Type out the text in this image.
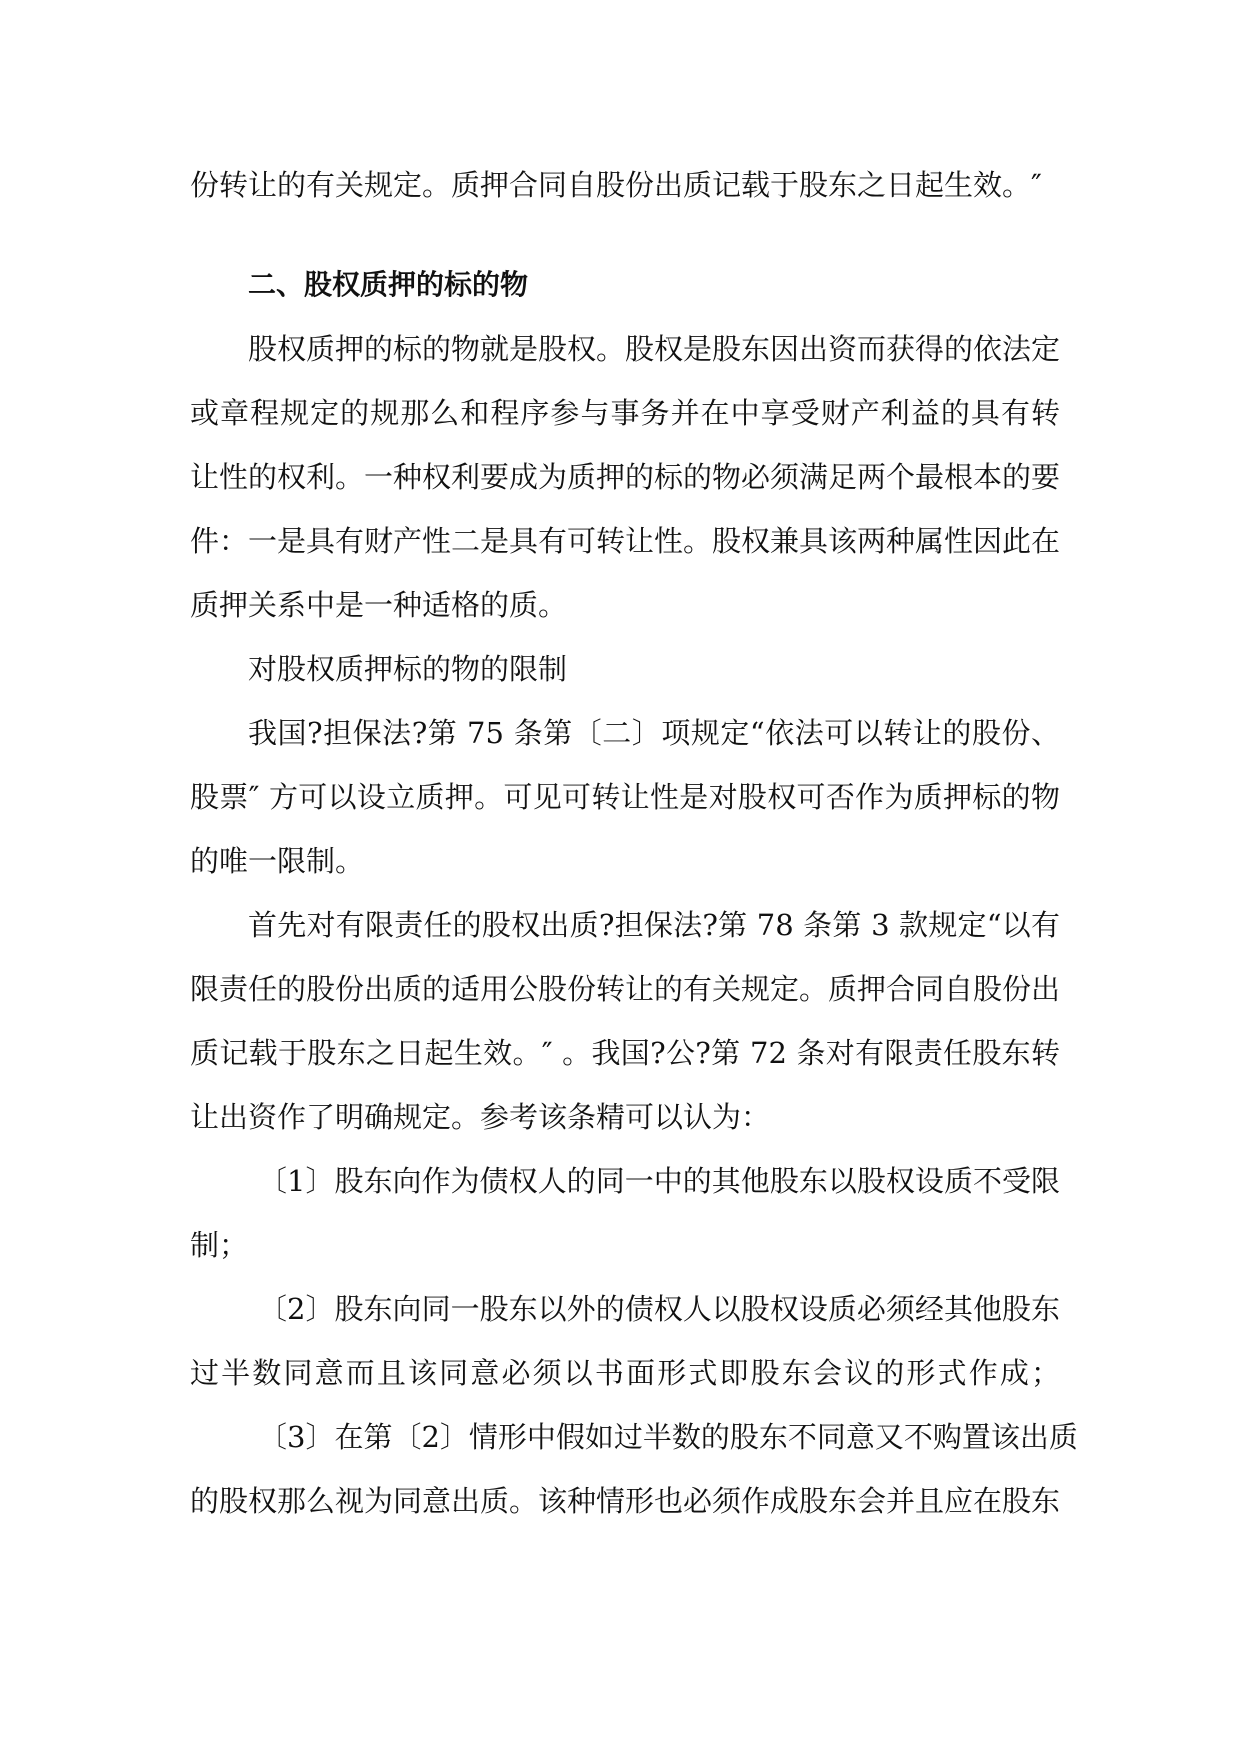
份转让的有关规定。质押合同自股份出质记载于股东之日起生效。″
二、股权质押的标的物
股权质押的标的物就是股权。股权是股东因出资而获得的依法定
或章程规定的规那么和程序参与事务并在中享受财产利益的具有转
让性的权利。一种权利要成为质押的标的物必须满足两个最根本的要
件：一是具有财产性二是具有可转让性。股权兼具该两种属性因此在
质押关系中是一种适格的质。
对股权质押标的物的限制
我国?担保法?第 75 条第〔二〕项规定“依法可以转让的股份、
股票″ 方可以设立质押。可见可转让性是对股权可否作为质押标的物
的唯一限制。
首先对有限责任的股权出质?担保法?第 78 条第 3 款规定“以有
限责任的股份出质的适用公股份转让的有关规定。质押合同自股份出
质记载于股东之日起生效。″ 。我国?公?第 72 条对有限责任股东转
让出资作了明确规定。参考该条精可以认为：
〔1〕股东向作为债权人的同一中的其他股东以股权设质不受限
制；
〔2〕股东向同一股东以外的债权人以股权设质必须经其他股东
过半数同意而且该同意必须以书面形式即股东会议的形式作成；
〔3〕在第〔2〕情形中假如过半数的股东不同意又不购置该出质
的股权那么视为同意出质。该种情形也必须作成股东会并且应在股东
